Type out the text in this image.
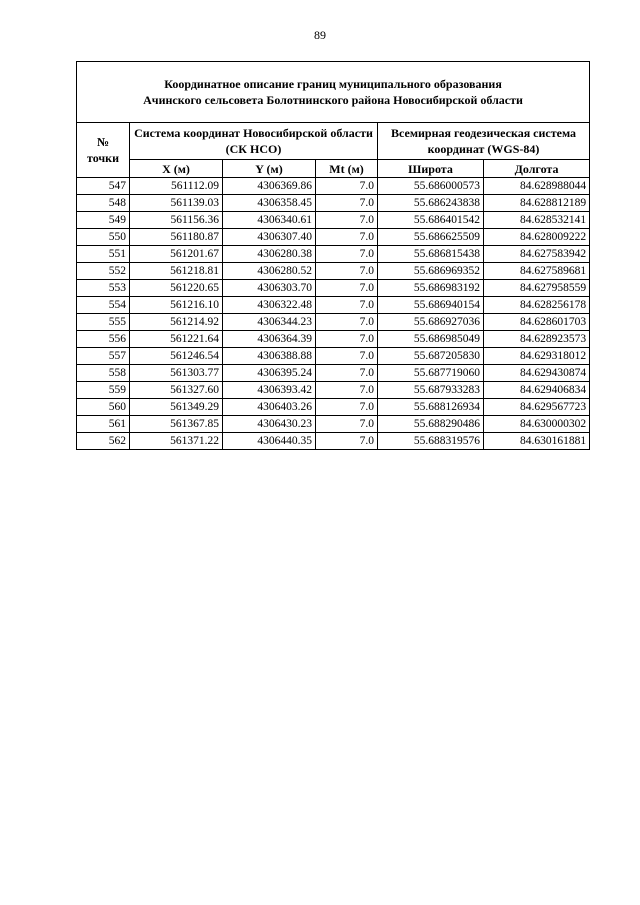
89
Координатное описание границ муниципального образования
Ачинского сельсовета Болотнинского района Новосибирской области					

№
точки	Система координат Новосибирской области (СК НСО)			Всемирная геодезическая система координат (WGS-84)	
	X (м)	Y (м)	Mt (м)	Широта	Долгота
547	561112.09	4306369.86	7.0	55.686000573	84.628988044
548	561139.03	4306358.45	7.0	55.686243838	84.628812189
549	561156.36	4306340.61	7.0	55.686401542	84.628532141
550	561180.87	4306307.40	7.0	55.686625509	84.628009222
551	561201.67	4306280.38	7.0	55.686815438	84.627583942
552	561218.81	4306280.52	7.0	55.686969352	84.627589681
553	561220.65	4306303.70	7.0	55.686983192	84.627958559
554	561216.10	4306322.48	7.0	55.686940154	84.628256178
555	561214.92	4306344.23	7.0	55.686927036	84.628601703
556	561221.64	4306364.39	7.0	55.686985049	84.628923573
557	561246.54	4306388.88	7.0	55.687205830	84.629318012
558	561303.77	4306395.24	7.0	55.687719060	84.629430874
559	561327.60	4306393.42	7.0	55.687933283	84.629406834
560	561349.29	4306403.26	7.0	55.688126934	84.629567723
561	561367.85	4306430.23	7.0	55.688290486	84.630000302
562	561371.22	4306440.35	7.0	55.688319576	84.630161881
